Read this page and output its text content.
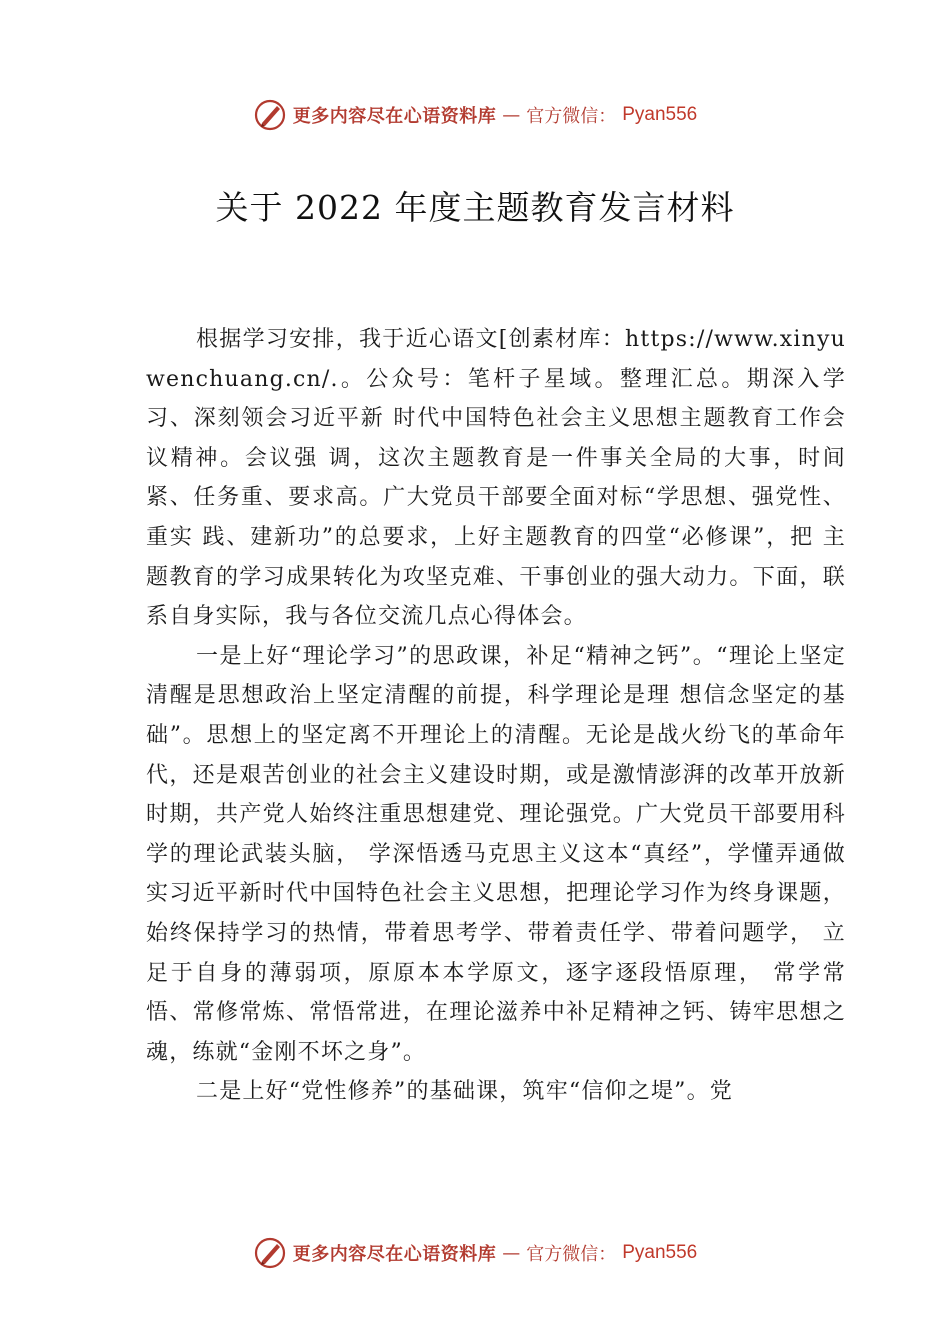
更多内容尽在心语资料库 — 官方微信： Pyan556
关于 2022 年度主题教育发言材料

根据学习安排，我于近心语文[创素材库：https://www.xinyuwenchuang.cn/.。公众号：笔杆子星域。整理汇总。期深入学习、深刻领会习近平新 时代中国特色社会主义思想主题教育工作会议精神。会议强 调，这次主题教育是一件事关全局的大事，时间紧、任务重、要求高。广大党员干部要全面对标“学思想、强党性、重实 践、建新功”的总要求，上好主题教育的四堂“必修课”，把 主题教育的学习成果转化为攻坚克难、干事创业的强大动力。下面，联系自身实际，我与各位交流几点心得体会。

一是上好“理论学习”的思政课，补足“精神之钙”。“理论上坚定清醒是思想政治上坚定清醒的前提，科学理论是理 想信念坚定的基础”。思想上的坚定离不开理论上的清醒。无论是战火纷飞的革命年代，还是艰苦创业的社会主义建设时期，或是激情澎湃的改革开放新时期，共产党人始终注重思想建党、理论强党。广大党员干部要用科学的理论武装头脑， 学深悟透马克思主义这本“真经”，学懂弄通做实习近平新时代中国特色社会主义思想，把理论学习作为终身课题，始终保持学习的热情，带着思考学、带着责任学、带着问题学， 立足于自身的薄弱项，原原本本学原文，逐字逐段悟原理， 常学常悟、常修常炼、常悟常进，在理论滋养中补足精神之钙、铸牢思想之魂，练就“金刚不坏之身”。

二是上好“党性修养”的基础课，筑牢“信仰之堤”。党

更多内容尽在心语资料库 — 官方微信： Pyan556
